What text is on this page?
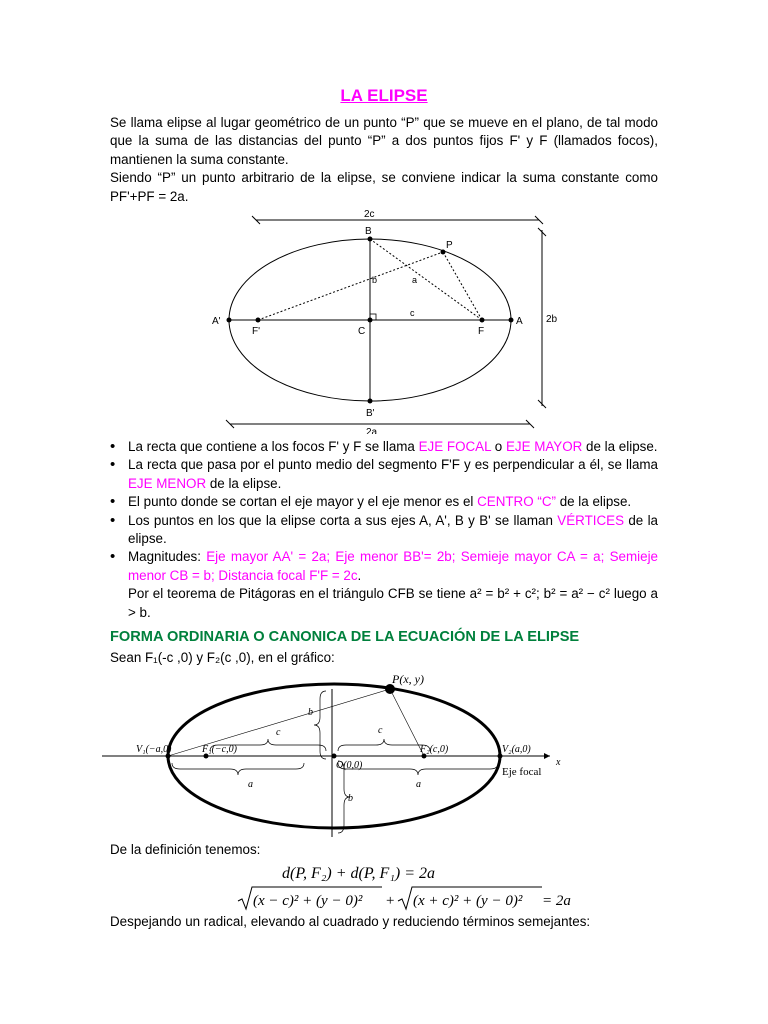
LA ELIPSE

Se llama elipse al lugar geométrico de un punto “P” que se mueve en el plano, de tal modo que la suma de las distancias del punto “P” a dos puntos fijos F' y F (llamados focos), mantienen la suma constante.

Siendo “P” un punto arbitrario de la elipse, se conviene indicar la suma constante como PF'+PF = 2a.

2c
2a
2b
B
B'
A
A'
F
F'	C
P
a
b
c
• La recta que contiene a los focos F' y F se llama EJE FOCAL o EJE MAYOR de la elipse.
• La recta que pasa por el punto medio del segmento F'F y es perpendicular a él, se llama EJE MENOR de la elipse.
• El punto donde se cortan el eje mayor y el eje menor es el CENTRO “C” de la elipse.
• Los puntos en los que la elipse corta a sus ejes A, A', B y B' se llaman VÉRTICES de la elipse.
• Magnitudes: Eje mayor AA' = 2a; Eje menor BB'= 2b; Semieje mayor CA = a; Semieje menor CB = b; Distancia focal F'F = 2c.
Por el teorema de Pitágoras en el triángulo CFB se tiene a² = b² + c²; b² = a² − c² luego a > b.
FORMA ORDINARIA O CANONICA DE LA ECUACIÓN DE LA ELIPSE

Sean F₁(-c ,0) y F₂(c ,0), en el gráfico:

x
P(x, y)
V₁(−a,0)	V₂(a,0)
F₁(−c,0)	F₂(c,0)
O(0,0)
Eje focal
a	a
c	c
b
b

De la definición tenemos:

d(P, F₂) + d(P, F₁) = 2a
(x − c)² + (y − 0)² + (x + c)² + (y − 0)² = 2a

Despejando un radical, elevando al cuadrado y reduciendo términos semejantes:
